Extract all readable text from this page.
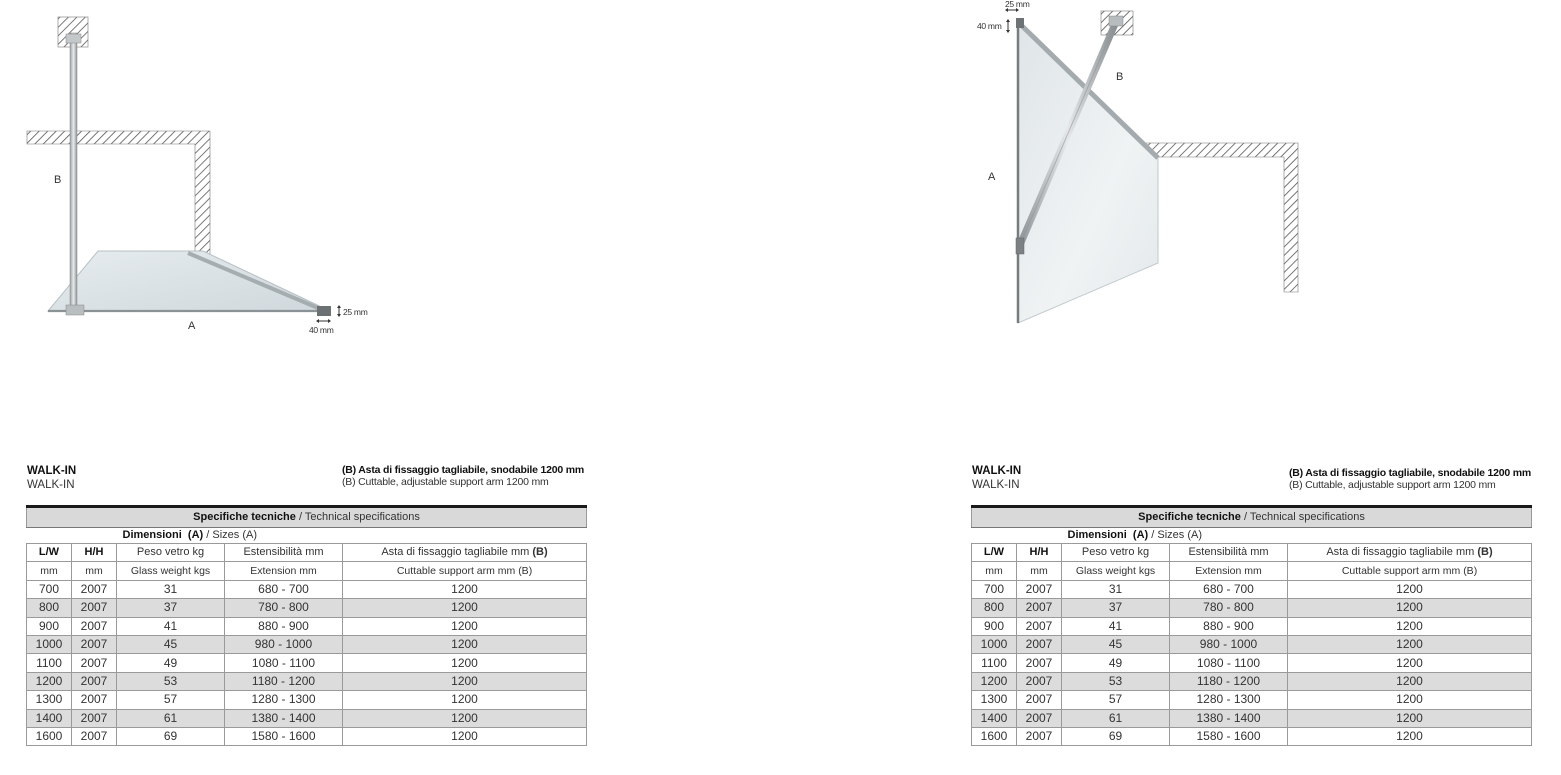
25 mm
40 mm
B
A
WALK-IN
WALK-IN
(B) Asta di fissaggio tagliabile, snodabile 1200 mm
(B) Cuttable, adjustable support arm 1200 mm
Specifiche tecniche / Technical specifications				
Dimensioni (A) / Sizes (A)				
L/W	H/H	Peso vetro kg	Estensibilità mm	Asta di fissaggio tagliabile mm (B)
mm	mm	Glass weight kgs	Extension mm	Cuttable support arm mm (B)
700	2007	31	680 - 700	1200
800	2007	37	780 - 800	1200
900	2007	41	880 - 900	1200
1000	2007	45	980 - 1000	1200
1100	2007	49	1080 - 1100	1200
1200	2007	53	1180 - 1200	1200
1300	2007	57	1280 - 1300	1200
1400	2007	61	1380 - 1400	1200
1600	2007	69	1580 - 1600	1200
25 mm
40 mm
B
A
WALK-IN
WALK-IN
(B) Asta di fissaggio tagliabile, snodabile 1200 mm
(B) Cuttable, adjustable support arm 1200 mm
Specifiche tecniche / Technical specifications				
Dimensioni (A) / Sizes (A)				
L/W	H/H	Peso vetro kg	Estensibilità mm	Asta di fissaggio tagliabile mm (B)
mm	mm	Glass weight kgs	Extension mm	Cuttable support arm mm (B)
700	2007	31	680 - 700	1200
800	2007	37	780 - 800	1200
900	2007	41	880 - 900	1200
1000	2007	45	980 - 1000	1200
1100	2007	49	1080 - 1100	1200
1200	2007	53	1180 - 1200	1200
1300	2007	57	1280 - 1300	1200
1400	2007	61	1380 - 1400	1200
1600	2007	69	1580 - 1600	1200
